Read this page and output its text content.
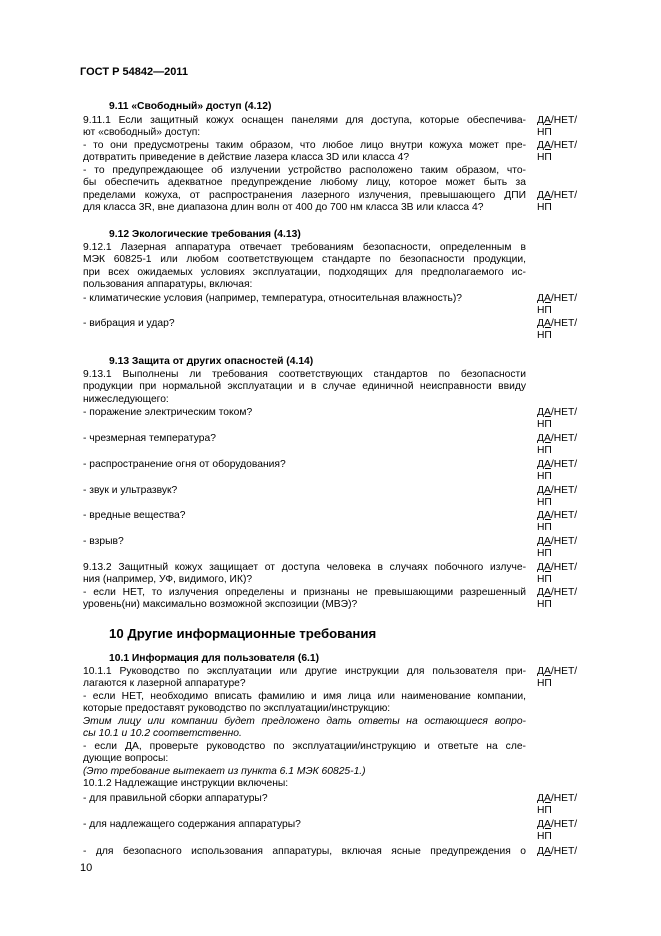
ГОСТ Р 54842—2011
9.11 «Свободный» доступ (4.12)
9.11.1 Если защитный кожух оснащен панелями для доступа, которые обеспечива-
ют «свободный» доступ:
- то они предусмотрены таким образом, что любое лицо внутри кожуха может пре-
дотвратить приведение в действие лазера класса 3D или класса 4?
- то предупреждающее об излучении устройство расположено таким образом, что-
бы обеспечить адекватное предупреждение любому лицу, которое может быть за
пределами кожуха, от распространения лазерного излучения, превышающего ДПИ
для класса 3R, вне диапазона длин волн от 400 до 700 нм класса 3В или класса 4?
ДА/НЕТ/
НП
ДА/НЕТ/
НП
ДА/НЕТ/
НП
9.12 Экологические требования (4.13)
9.12.1 Лазерная аппаратура отвечает требованиям безопасности, определенным в
МЭК 60825-1 или любом соответствующем стандарте по безопасности продукции,
при всех ожидаемых условиях эксплуатации, подходящих для предполагаемого ис-
пользования аппаратуры, включая:
- климатические условия (например, температура, относительная влажность)?
- вибрация и удар?
ДА/НЕТ/
НП
ДА/НЕТ/
НП
9.13 Защита от других опасностей (4.14)
9.13.1 Выполнены ли требования соответствующих стандартов по безопасности
продукции при нормальной эксплуатации и в случае единичной неисправности ввиду
нижеследующего:
- поражение электрическим током?
- чрезмерная температура?
- распространение огня от оборудования?
- звук и ультразвук?
- вредные вещества?
- взрыв?
9.13.2 Защитный кожух защищает от доступа человека в случаях побочного излуче-
ния (например, УФ, видимого, ИК)?
- если НЕТ, то излучения определены и признаны не превышающими разрешенный
уровень(ни) максимально возможной экспозиции (МВЭ)?
ДА/НЕТ/
НП
ДА/НЕТ/
НП
ДА/НЕТ/
НП
ДА/НЕТ/
НП
ДА/НЕТ/
НП
ДА/НЕТ/
НП
ДА/НЕТ/
НП
ДА/НЕТ/
НП
10 Другие информационные требования
10.1 Информация для пользователя (6.1)
10.1.1 Руководство по эксплуатации или другие инструкции для пользователя при-
лагаются к лазерной аппаратуре?
- если НЕТ, необходимо вписать фамилию и имя лица или наименование компании,
которые предоставят руководство по эксплуатации/инструкцию:
Этим лицу или компании будет предложено дать ответы на остающиеся вопро-
сы 10.1 и 10.2 соответственно.
- если ДА, проверьте руководство по эксплуатации/инструкцию и ответьте на сле-
дующие вопросы:
(Это требование вытекает из пункта 6.1 МЭК 60825-1.)
10.1.2 Надлежащие инструкции включены:
- для правильной сборки аппаратуры?
- для надлежащего содержания аппаратуры?
- для безопасного использования аппаратуры, включая ясные предупреждения о
ДА/НЕТ/
НП
ДА/НЕТ/
НП
ДА/НЕТ/
НП
ДА/НЕТ/
10
